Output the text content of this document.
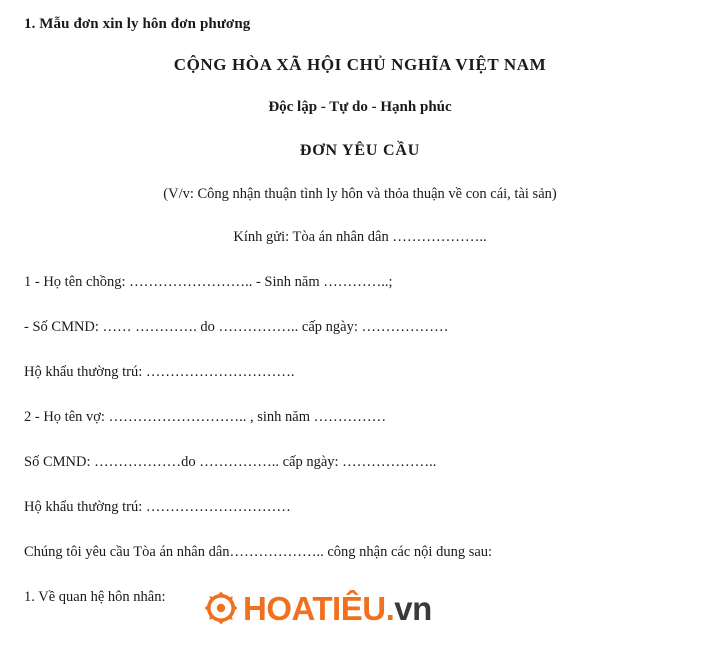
1. Mẫu đơn xin ly hôn đơn phương
CỘNG HÒA XÃ HỘI CHỦ NGHĨA VIỆT NAM
Độc lập - Tự do - Hạnh phúc
ĐƠN YÊU CẦU
(V/v: Công nhận thuận tình ly hôn và thỏa thuận về con cái, tài sản)
Kính gửi: Tòa án nhân dân ………………..
1 - Họ tên chồng: …………………….. - Sinh năm …………..;
- Số CMND: …… …………. do …………….. cấp ngày: ………………
Hộ khẩu thường trú: ………………………….
2 - Họ tên vợ: ……………………….. , sinh năm ……………
Số CMND: ………………do …………….. cấp ngày: ………………..
Hộ khẩu thường trú: …………………………
Chúng tôi yêu cầu Tòa án nhân dân……………….. công nhận các nội dung sau:
1. Về quan hệ hôn nhân:	HOATIÊU . vn
